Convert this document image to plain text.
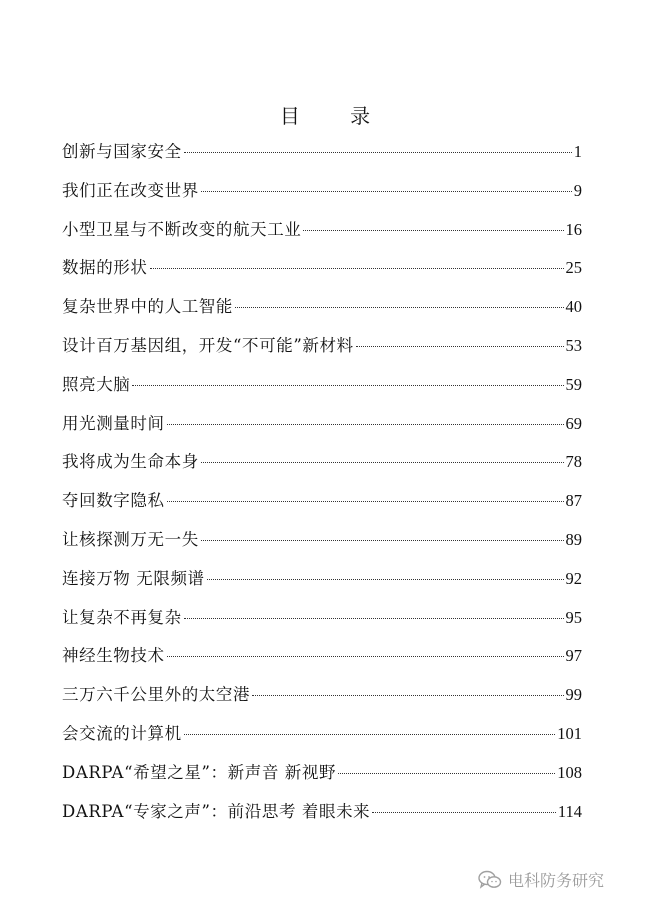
目 录
创新与国家安全	1
我们正在改变世界	9
小型卫星与不断改变的航天工业	16
数据的形状	25
复杂世界中的人工智能	40
设计百万基因组，开发“不可能”新材料	53
照亮大脑	59
用光测量时间	69
我将成为生命本身	78
夺回数字隐私	87
让核探测万无一失	89
连接万物 无限频谱	92
让复杂不再复杂	95
神经生物技术	97
三万六千公里外的太空港	99
会交流的计算机	101
DARPA“希望之星”：新声音 新视野	108
DARPA“专家之声”：前沿思考 着眼未来	114
电科防务研究
